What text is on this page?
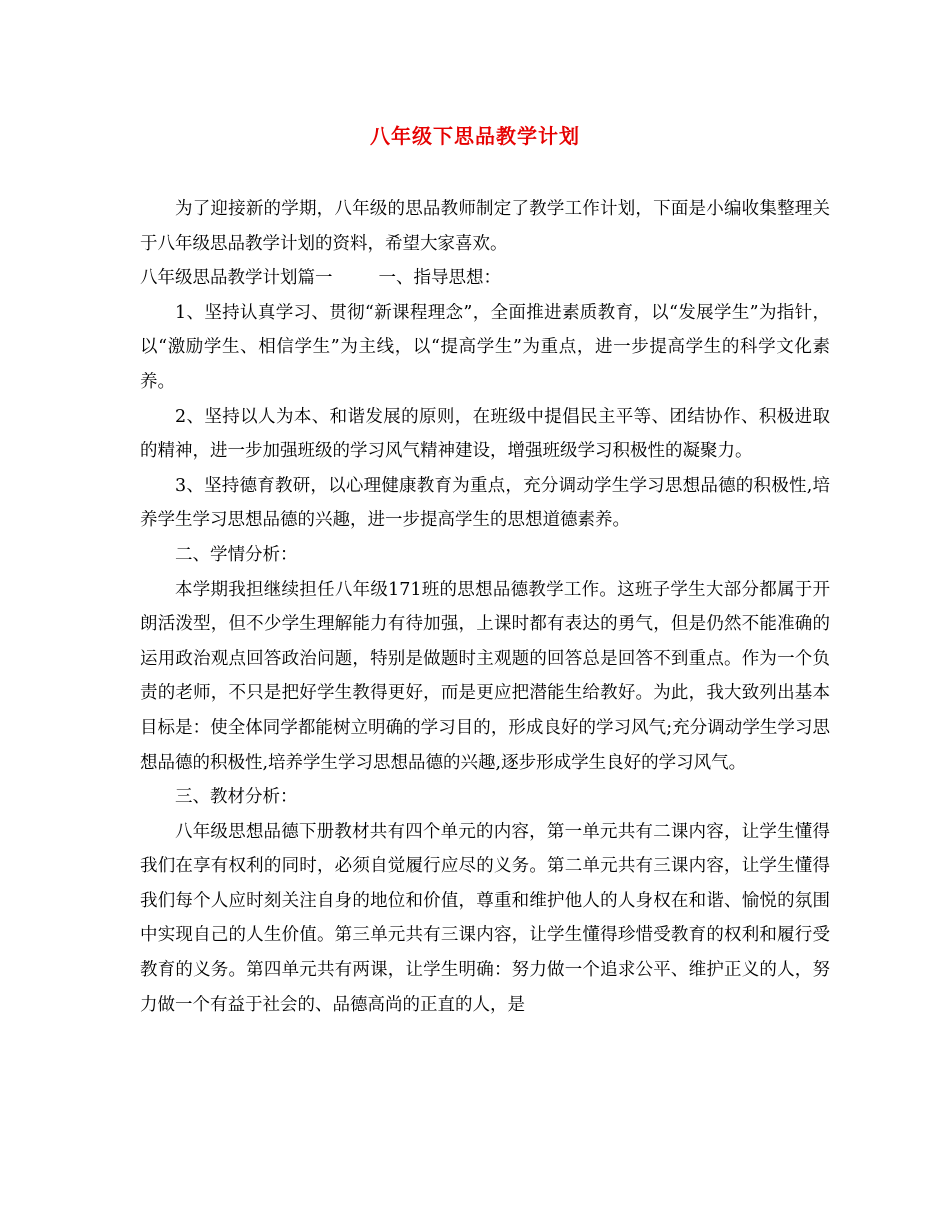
八年级下思品教学计划

为了迎接新的学期，八年级的思品教师制定了教学工作计划，下面是小编收集整理关于八年级思品教学计划的资料，希望大家喜欢。

八年级思品教学计划篇一	一、指导思想：

1、坚持认真学习、贯彻“新课程理念”，全面推进素质教育，以“发展学生”为指针，以“激励学生、相信学生”为主线，以“提高学生”为重点，进一步提高学生的科学文化素养。

2、坚持以人为本、和谐发展的原则，在班级中提倡民主平等、团结协作、积极进取的精神，进一步加强班级的学习风气精神建设，增强班级学习积极性的凝聚力。

3、坚持德育教研，以心理健康教育为重点，充分调动学生学习思想品德的积极性,培养学生学习思想品德的兴趣，进一步提高学生的思想道德素养。

二、学情分析：

本学期我担继续担任八年级171班的思想品德教学工作。这班子学生大部分都属于开朗活泼型，但不少学生理解能力有待加强，上课时都有表达的勇气，但是仍然不能准确的运用政治观点回答政治问题，特别是做题时主观题的回答总是回答不到重点。作为一个负责的老师，不只是把好学生教得更好，而是更应把潜能生给教好。为此，我大致列出基本目标是：使全体同学都能树立明确的学习目的，形成良好的学习风气;充分调动学生学习思想品德的积极性,培养学生学习思想品德的兴趣,逐步形成学生良好的学习风气。

三、教材分析：

八年级思想品德下册教材共有四个单元的内容，第一单元共有二课内容，让学生懂得我们在享有权利的同时，必须自觉履行应尽的义务。第二单元共有三课内容，让学生懂得我们每个人应时刻关注自身的地位和价值，尊重和维护他人的人身权在和谐、愉悦的氛围中实现自己的人生价值。第三单元共有三课内容，让学生懂得珍惜受教育的权利和履行受教育的义务。第四单元共有两课，让学生明确：努力做一个追求公平、维护正义的人，努力做一个有益于社会的、品德高尚的正直的人，是
